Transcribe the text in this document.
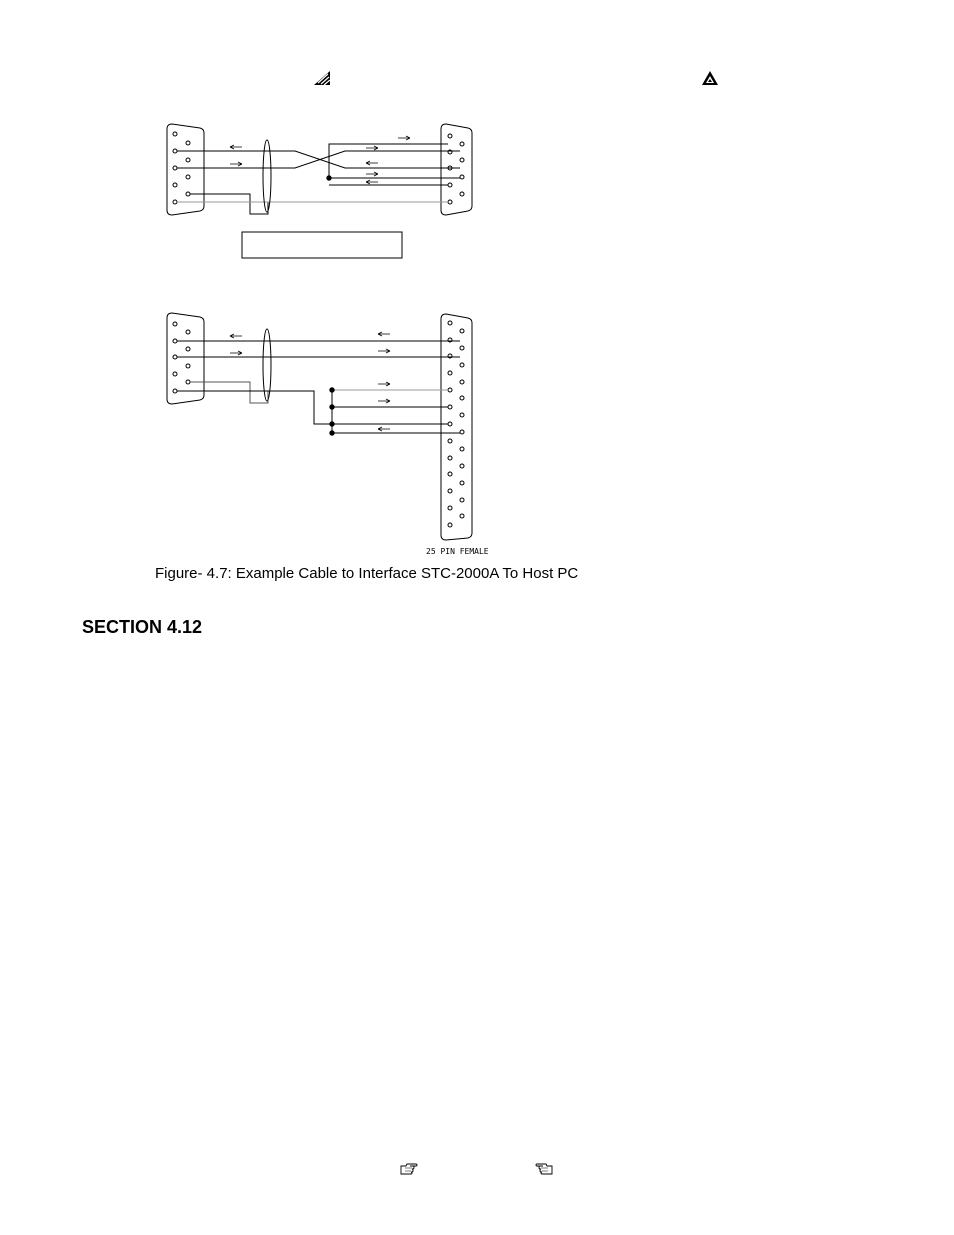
25 PIN FEMALE
Figure- 4.7: Example Cable to Interface STC-2000A To Host PC
SECTION 4.12
